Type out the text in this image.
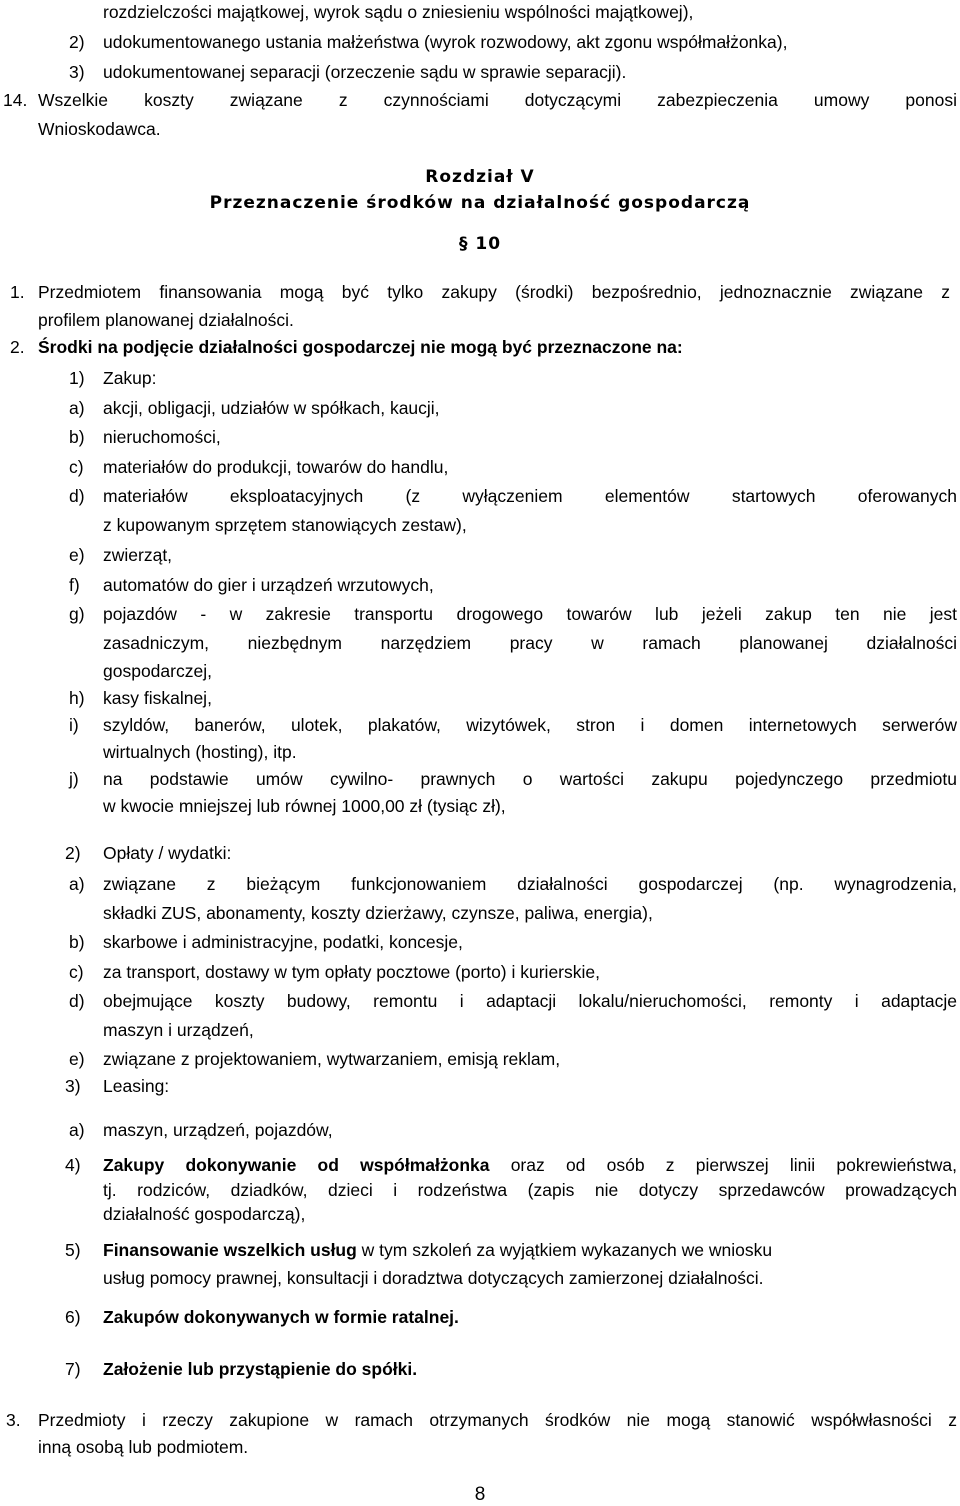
rozdzielczości majątkowej, wyrok sądu o zniesieniu wspólności majątkowej),
2) udokumentowanego ustania małżeństwa (wyrok rozwodowy, akt zgonu współmałżonka),
3) udokumentowanej separacji (orzeczenie sądu w sprawie separacji).
14. Wszelkie koszty związane z czynnościami dotyczącymi zabezpieczenia umowy ponosi
Wnioskodawca.
Rozdział V
Przeznaczenie środków na działalność gospodarczą
§ 10
1. Przedmiotem finansowania mogą być tylko zakupy (środki) bezpośrednio, jednoznacznie związane z
profilem planowanej działalności.
2. Środki na podjęcie działalności gospodarczej nie mogą być przeznaczone na:
1) Zakup:
a) akcji, obligacji, udziałów w spółkach, kaucji,
b) nieruchomości,
c) materiałów do produkcji, towarów do handlu,
d) materiałów eksploatacyjnych (z wyłączeniem elementów startowych oferowanych
z kupowanym sprzętem stanowiących zestaw),
e) zwierząt,
f) automatów do gier i urządzeń wrzutowych,
g) pojazdów - w zakresie transportu drogowego towarów lub jeżeli zakup ten nie jest
zasadniczym, niezbędnym narzędziem pracy w ramach planowanej działalności
gospodarczej,
h) kasy fiskalnej,
i) szyldów, banerów, ulotek, plakatów, wizytówek, stron i domen internetowych serwerów
wirtualnych (hosting), itp.
j) na podstawie umów cywilno- prawnych o wartości zakupu pojedynczego przedmiotu
w kwocie mniejszej lub równej 1000,00 zł (tysiąc zł),
2) Opłaty / wydatki:
a) związane z bieżącym funkcjonowaniem działalności gospodarczej (np. wynagrodzenia,
składki ZUS, abonamenty, koszty dzierżawy, czynsze, paliwa, energia),
b) skarbowe i administracyjne, podatki, koncesje,
c) za transport, dostawy w tym opłaty pocztowe (porto) i kurierskie,
d) obejmujące koszty budowy, remontu i adaptacji lokalu/nieruchomości, remonty i adaptacje
maszyn i urządzeń,
e) związane z projektowaniem, wytwarzaniem, emisją reklam,
3) Leasing:
a) maszyn, urządzeń, pojazdów,
4) Zakupy dokonywanie od współmałżonka oraz od osób z pierwszej linii pokrewieństwa,
tj. rodziców, dziadków, dzieci i rodzeństwa (zapis nie dotyczy sprzedawców prowadzących
działalność gospodarczą),
5) Finansowanie wszelkich usług w tym szkoleń za wyjątkiem wykazanych we wniosku
usług pomocy prawnej, konsultacji i doradztwa dotyczących zamierzonej działalności.
6) Zakupów dokonywanych w formie ratalnej.
7) Założenie lub przystąpienie do spółki.
3. Przedmioty i rzeczy zakupione w ramach otrzymanych środków nie mogą stanowić współwłasności z
inną osobą lub podmiotem.
8
